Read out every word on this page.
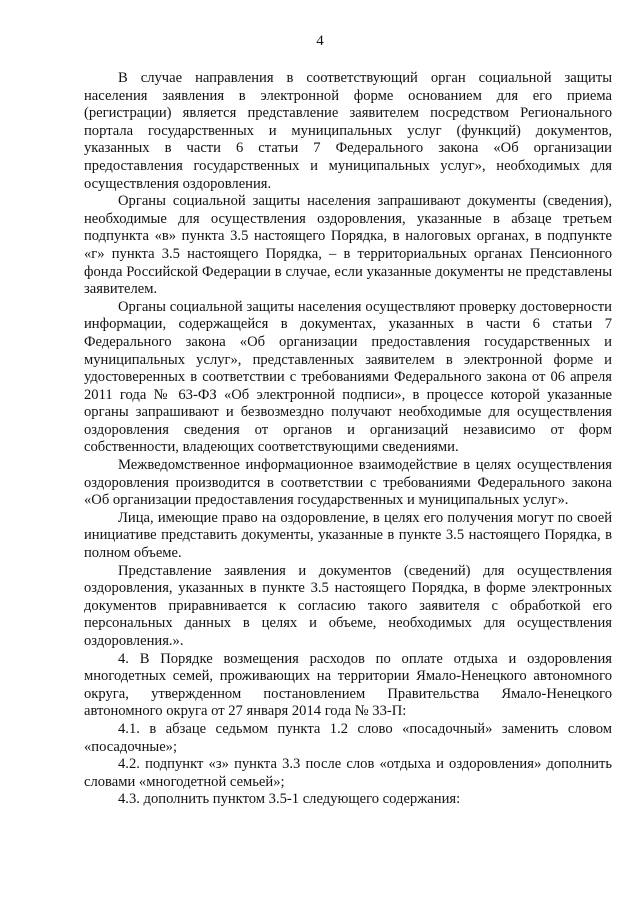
4

В случае направления в соответствующий орган социальной защиты населения заявления в электронной форме основанием для его приема (регистрации) является представление заявителем посредством Регионального портала государственных и муниципальных услуг (функций) документов, указанных в части 6 статьи 7 Федерального закона «Об организации предоставления государственных и муниципальных услуг», необходимых для осуществления оздоровления.

Органы социальной защиты населения запрашивают документы (сведения), необходимые для осуществления оздоровления, указанные в абзаце третьем подпункта «в» пункта 3.5 настоящего Порядка, в налоговых органах, в подпункте «г» пункта 3.5 настоящего Порядка, – в территориальных органах Пенсионного фонда Российской Федерации в случае, если указанные документы не представлены заявителем.

Органы социальной защиты населения осуществляют проверку достоверности информации, содержащейся в документах, указанных в части 6 статьи 7 Федерального закона «Об организации предоставления государственных и муниципальных услуг», представленных заявителем в электронной форме и удостоверенных в соответствии с требованиями Федерального закона от 06 апреля 2011 года № 63-ФЗ «Об электронной подписи», в процессе которой указанные органы запрашивают и безвозмездно получают необходимые для осуществления оздоровления сведения от органов и организаций независимо от форм собственности, владеющих соответствующими сведениями.

Межведомственное информационное взаимодействие в целях осуществления оздоровления производится в соответствии с требованиями Федерального закона «Об организации предоставления государственных и муниципальных услуг».

Лица, имеющие право на оздоровление, в целях его получения могут по своей инициативе представить документы, указанные в пункте 3.5 настоящего Порядка, в полном объеме.

Представление заявления и документов (сведений) для осуществления оздоровления, указанных в пункте 3.5 настоящего Порядка, в форме электронных документов приравнивается к согласию такого заявителя с обработкой его персональных данных в целях и объеме, необходимых для осуществления оздоровления.».

4. В Порядке возмещения расходов по оплате отдыха и оздоровления многодетных семей, проживающих на территории Ямало-Ненецкого автономного округа, утвержденном постановлением Правительства Ямало-Ненецкого автономного округа от 27 января 2014 года № 33-П:

4.1. в абзаце седьмом пункта 1.2 слово «посадочный» заменить словом «посадочные»;

4.2. подпункт «з» пункта 3.3 после слов «отдыха и оздоровления» дополнить словами «многодетной семьей»;

4.3. дополнить пунктом 3.5-1 следующего содержания:
